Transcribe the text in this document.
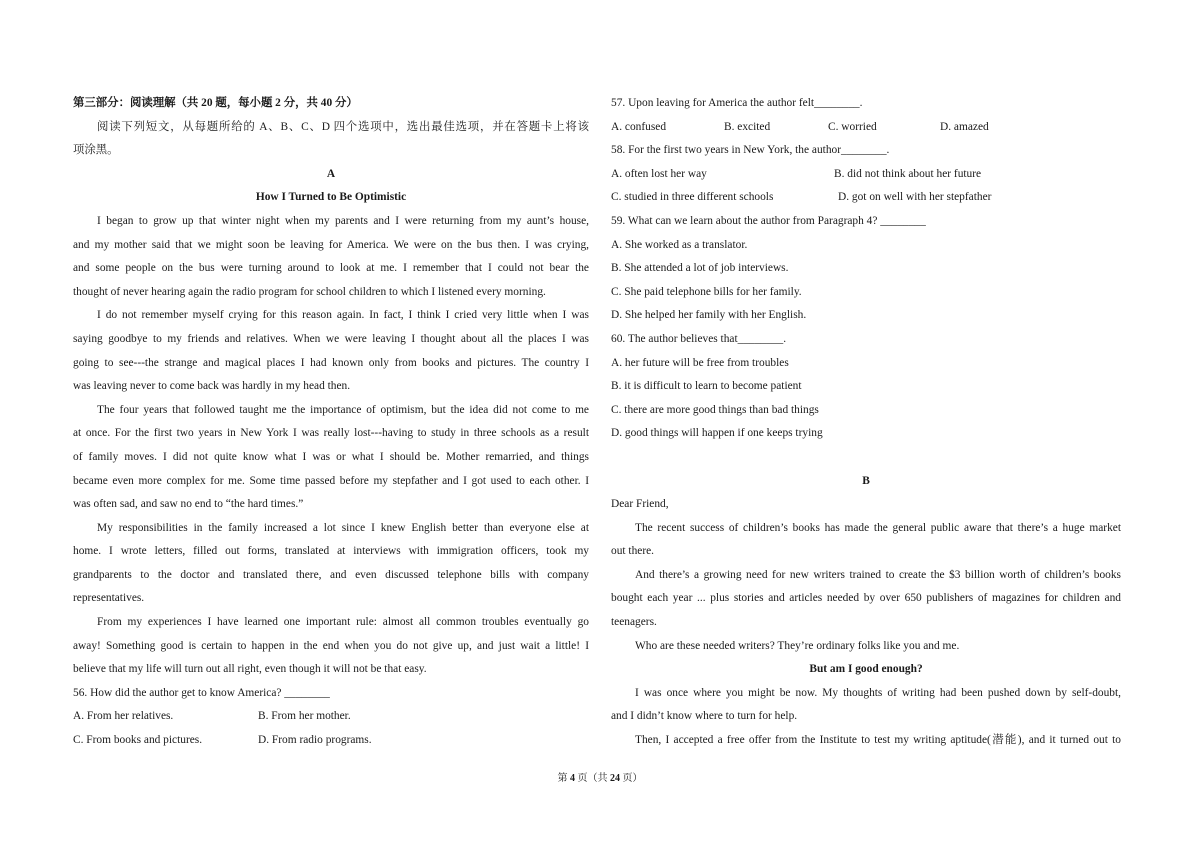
第三部分：阅读理解（共 20 题，每小题 2 分，共 40 分）
阅读下列短文，从每题所给的 A、B、C、D 四个选项中，选出最佳选项，并在答题卡上将该
项涂黑。
A
How I Turned to Be Optimistic
I began to grow up that winter night when my parents and I were returning from my aunt’s house,
and my mother said that we might soon be leaving for America. We were on the bus then. I was crying,
and some people on the bus were turning around to look at me. I remember that I could not bear the
thought of never hearing again the radio program for school children to which I listened every morning.
I do not remember myself crying for this reason again. In fact, I think I cried very little when I was
saying goodbye to my friends and relatives. When we were leaving I thought about all the places I was
going to see---the strange and magical places I had known only from books and pictures. The country I
was leaving never to come back was hardly in my head then.
The four years that followed taught me the importance of optimism, but the idea did not come to me
at once. For the first two years in New York I was really lost---having to study in three schools as a result
of family moves. I did not quite know what I was or what I should be. Mother remarried, and things
became even more complex for me. Some time passed before my stepfather and I got used to each other. I
was often sad, and saw no end to “the hard times.”
My responsibilities in the family increased a lot since I knew English better than everyone else at
home. I wrote letters, filled out forms, translated at interviews with immigration officers, took my
grandparents to the doctor and translated there, and even discussed telephone bills with company
representatives.
From my experiences I have learned one important rule: almost all common troubles eventually go
away! Something good is certain to happen in the end when you do not give up, and just wait a little! I
believe that my life will turn out all right, even though it will not be that easy.
56. How did the author get to know America? ________
A. From her relatives.	B. From her mother.
C. From books and pictures.	D. From radio programs.
57. Upon leaving for America the author felt________.
A. confused	B. excited	C. worried	D. amazed
58. For the first two years in New York, the author________.
A. often lost her way	B. did not think about her future
C. studied in three different schools	D. got on well with her stepfather
59. What can we learn about the author from Paragraph 4? ________
A. She worked as a translator.
B. She attended a lot of job interviews.
C. She paid telephone bills for her family.
D. She helped her family with her English.
60. The author believes that________.
A. her future will be free from troubles
B. it is difficult to learn to become patient
C. there are more good things than bad things
D. good things will happen if one keeps trying
B
Dear Friend,
The recent success of children’s books has made the general public aware that there’s a huge market
out there.
And there’s a growing need for new writers trained to create the $3 billion worth of children’s books
bought each year ... plus stories and articles needed by over 650 publishers of magazines for children and
teenagers.
Who are these needed writers? They’re ordinary folks like you and me.
But am I good enough?
I was once where you might be now. My thoughts of writing had been pushed down by self-doubt,
and I didn’t know where to turn for help.
Then, I accepted a free offer from the Institute to test my writing aptitude(潜能), and it turned out to
第 4 页（共 24 页）
